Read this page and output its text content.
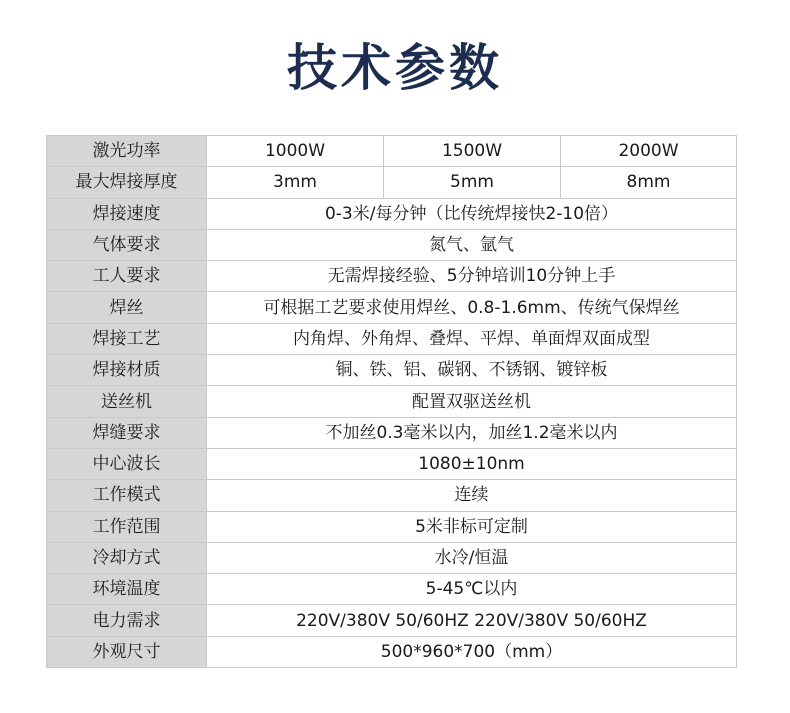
技术参数
激光功率	1000W	1500W	2000W
最大焊接厚度	3mm	5mm	8mm
焊接速度	0-3米/每分钟（比传统焊接快2-10倍）		
气体要求	氮气、氩气		
工人要求	无需焊接经验、5分钟培训10分钟上手		
焊丝	可根据工艺要求使用焊丝、0.8-1.6mm、传统气保焊丝		
焊接工艺	内角焊、外角焊、叠焊、平焊、单面焊双面成型		
焊接材质	铜、铁、铝、碳钢、不锈钢、镀锌板		
送丝机	配置双驱送丝机		
焊缝要求	不加丝0.3毫米以内，加丝1.2毫米以内		
中心波长	1080±10nm		
工作模式	连续		
工作范围	5米非标可定制		
冷却方式	水冷/恒温		
环境温度	5-45℃以内		
电力需求	220V/380V 50/60HZ 220V/380V 50/60HZ		
外观尺寸	500*960*700（mm）		
